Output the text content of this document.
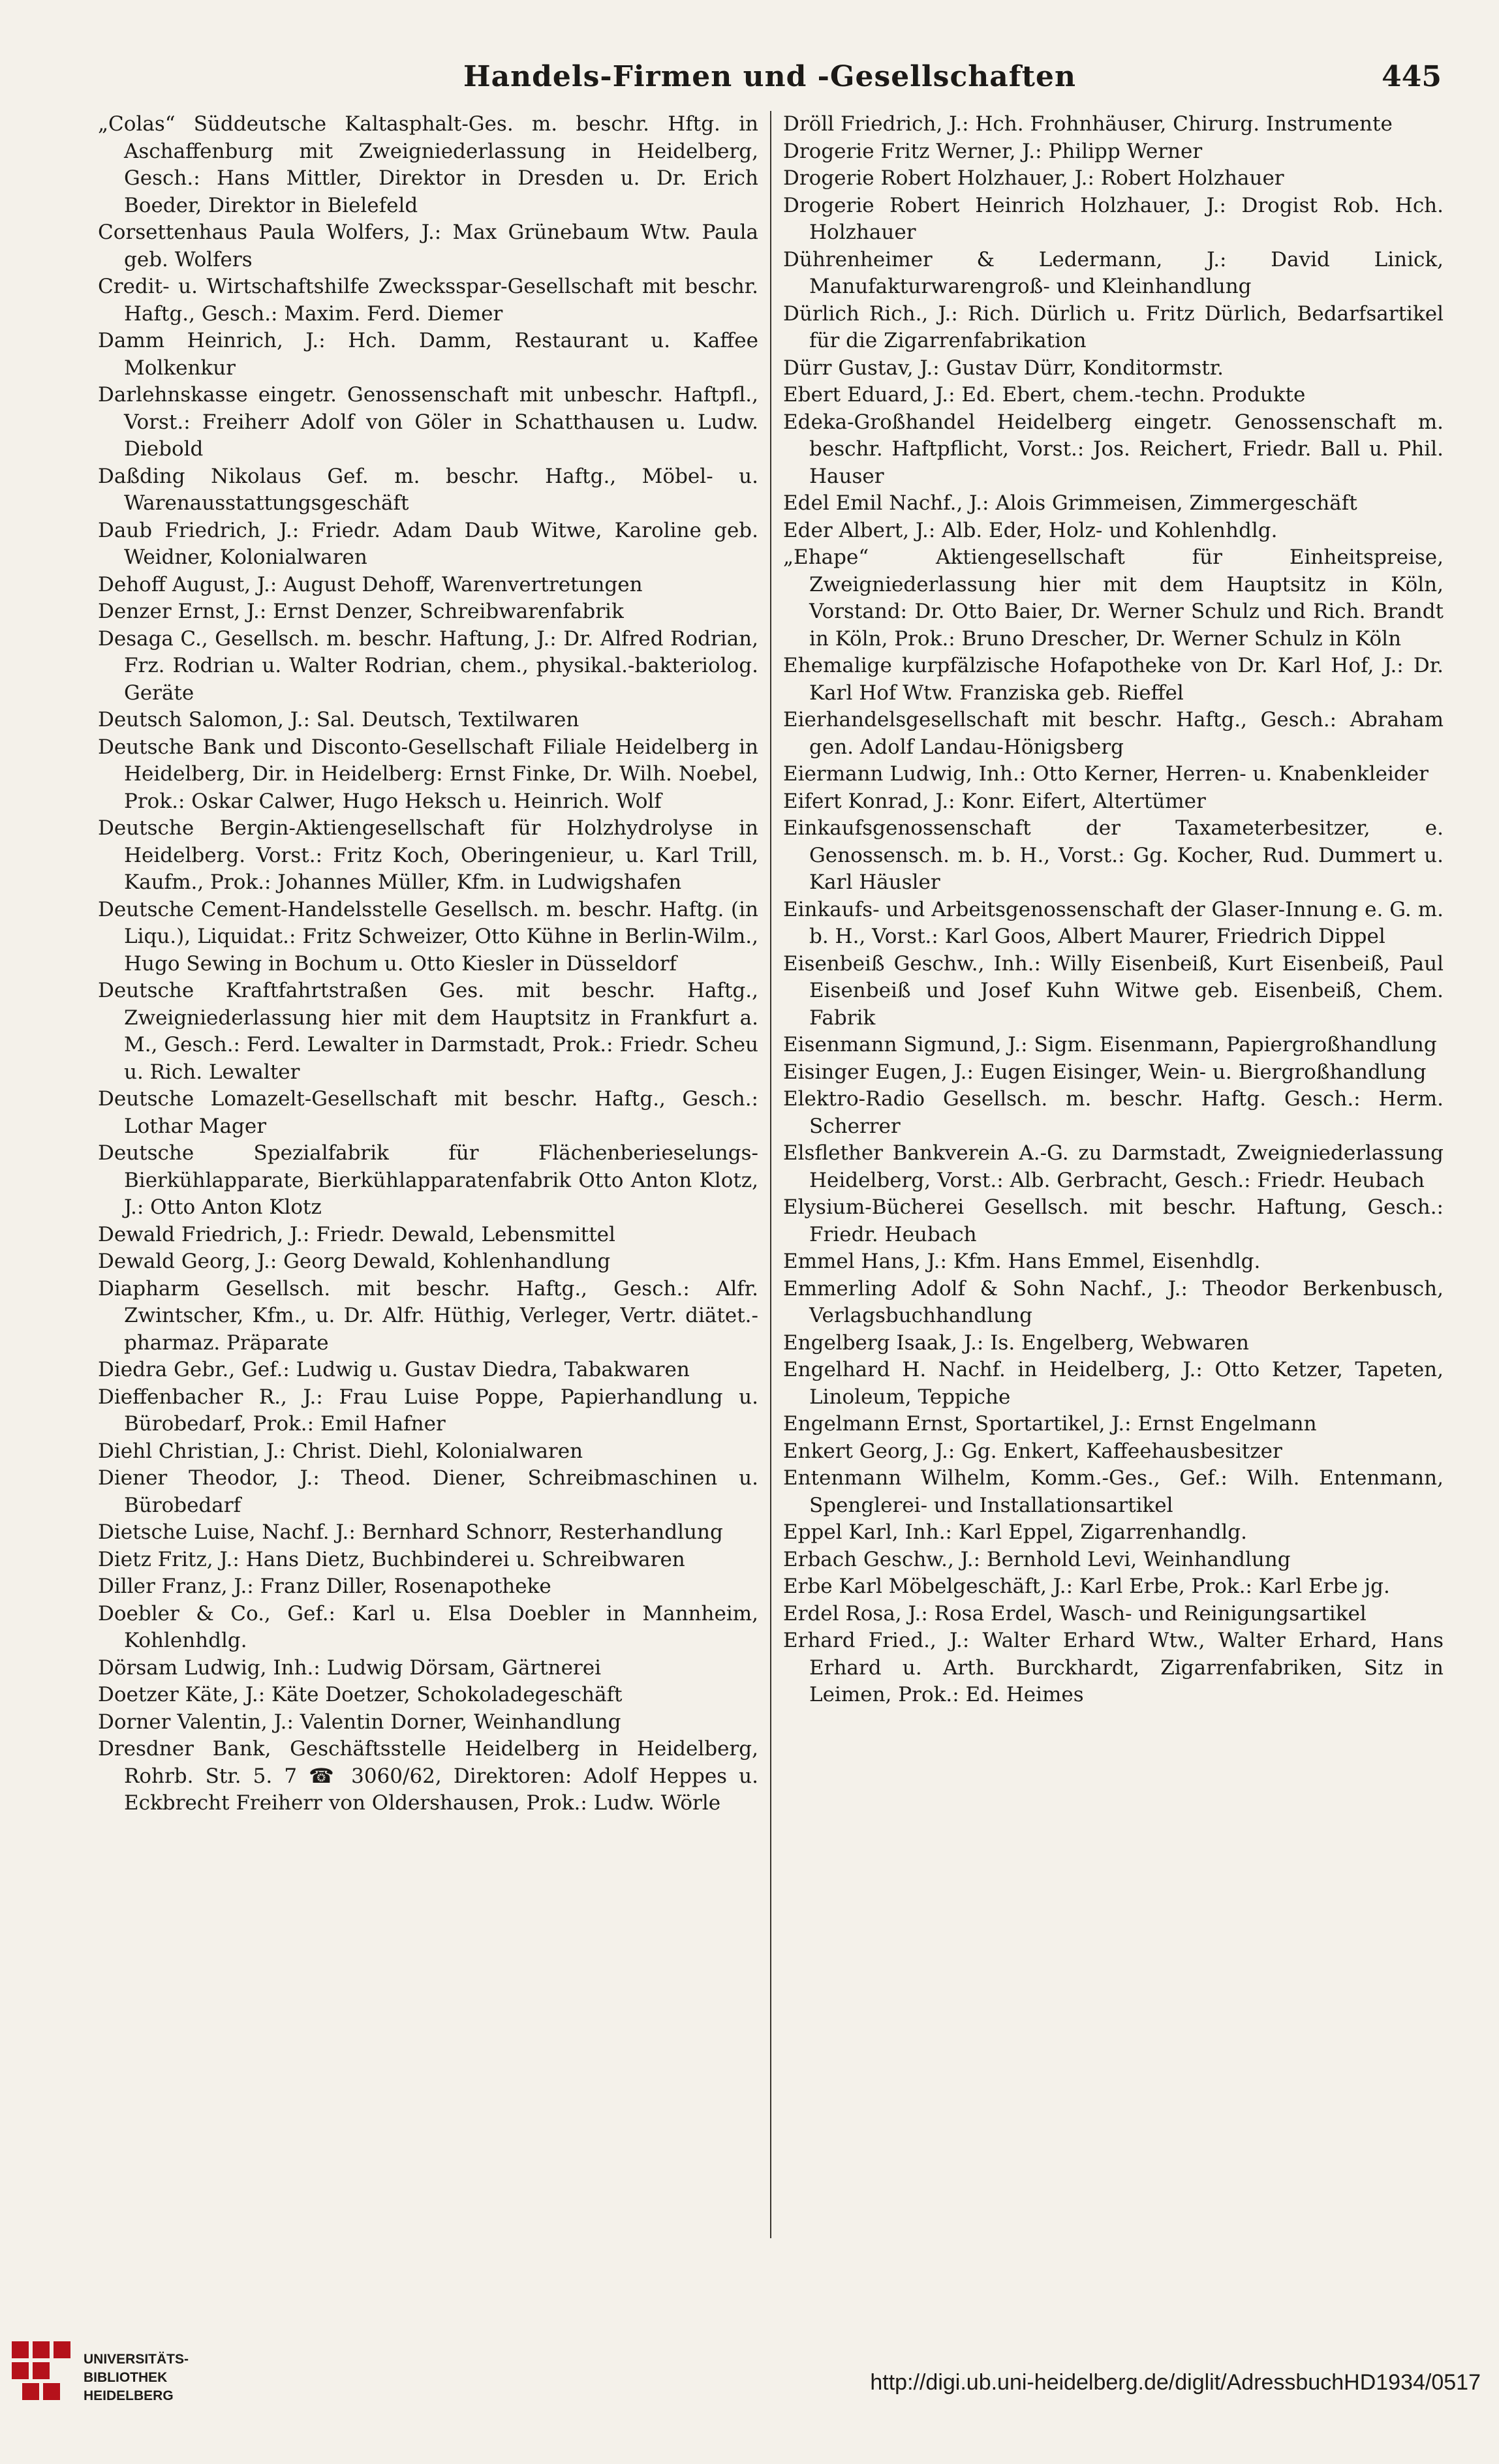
Handels-Firmen und -Gesellschaften	445
„Colas“ Süddeutsche Kaltasphalt-Ges. m. beschr. Hftg. in Aschaffenburg mit Zweigniederlassung in Heidelberg, Gesch.: Hans Mittler, Direktor in Dresden u. Dr. Erich Boeder, Direktor in Bielefeld
Corsettenhaus Paula Wolfers, J.: Max Grünebaum Wtw. Paula geb. Wolfers
Credit- u. Wirtschaftshilfe Zwecksspar-Gesellschaft mit beschr. Haftg., Gesch.: Maxim. Ferd. Diemer
Damm Heinrich, J.: Hch. Damm, Restaurant u. Kaffee Molkenkur
Darlehnskasse eingetr. Genossenschaft mit unbeschr. Haftpfl., Vorst.: Freiherr Adolf von Göler in Schatthausen u. Ludw. Diebold
Daßding Nikolaus Gef. m. beschr. Haftg., Möbel- u. Warenausstattungsgeschäft
Daub Friedrich, J.: Friedr. Adam Daub Witwe, Karoline geb. Weidner, Kolonialwaren
Dehoff August, J.: August Dehoff, Warenvertretungen
Denzer Ernst, J.: Ernst Denzer, Schreibwarenfabrik
Desaga C., Gesellsch. m. beschr. Haftung, J.: Dr. Alfred Rodrian, Frz. Rodrian u. Walter Rodrian, chem., physikal.-bakteriolog. Geräte
Deutsch Salomon, J.: Sal. Deutsch, Textilwaren
Deutsche Bank und Disconto-Gesellschaft Filiale Heidelberg in Heidelberg, Dir. in Heidelberg: Ernst Finke, Dr. Wilh. Noebel, Prok.: Oskar Calwer, Hugo Heksch u. Heinrich. Wolf
Deutsche Bergin-Aktiengesellschaft für Holzhydrolyse in Heidelberg. Vorst.: Fritz Koch, Oberingenieur, u. Karl Trill, Kaufm., Prok.: Johannes Müller, Kfm. in Ludwigshafen
Deutsche Cement-Handelsstelle Gesellsch. m. beschr. Haftg. (in Liqu.), Liquidat.: Fritz Schweizer, Otto Kühne in Berlin-Wilm., Hugo Sewing in Bochum u. Otto Kiesler in Düsseldorf
Deutsche Kraftfahrtstraßen Ges. mit beschr. Haftg., Zweigniederlassung hier mit dem Hauptsitz in Frankfurt a. M., Gesch.: Ferd. Lewalter in Darmstadt, Prok.: Friedr. Scheu u. Rich. Lewalter
Deutsche Lomazelt-Gesellschaft mit beschr. Haftg., Gesch.: Lothar Mager
Deutsche Spezialfabrik für Flächenberieselungs-Bierkühlapparate, Bierkühlapparatenfabrik Otto Anton Klotz, J.: Otto Anton Klotz
Dewald Friedrich, J.: Friedr. Dewald, Lebensmittel
Dewald Georg, J.: Georg Dewald, Kohlenhandlung
Diapharm Gesellsch. mit beschr. Haftg., Gesch.: Alfr. Zwintscher, Kfm., u. Dr. Alfr. Hüthig, Verleger, Vertr. diätet.-pharmaz. Präparate
Diedra Gebr., Gef.: Ludwig u. Gustav Diedra, Tabakwaren
Dieffenbacher R., J.: Frau Luise Poppe, Papierhandlung u. Bürobedarf, Prok.: Emil Hafner
Diehl Christian, J.: Christ. Diehl, Kolonialwaren
Diener Theodor, J.: Theod. Diener, Schreibmaschinen u. Bürobedarf
Dietsche Luise, Nachf. J.: Bernhard Schnorr, Resterhandlung
Dietz Fritz, J.: Hans Dietz, Buchbinderei u. Schreibwaren
Diller Franz, J.: Franz Diller, Rosenapotheke
Doebler & Co., Gef.: Karl u. Elsa Doebler in Mannheim, Kohlenhdlg.
Dörsam Ludwig, Inh.: Ludwig Dörsam, Gärtnerei
Doetzer Käte, J.: Käte Doetzer, Schokoladegeschäft
Dorner Valentin, J.: Valentin Dorner, Weinhandlung
Dresdner Bank, Geschäftsstelle Heidelberg in Heidelberg, Rohrb. Str. 5. 7 ☎ 3060/62, Direktoren: Adolf Heppes u. Eckbrecht Freiherr von Oldershausen, Prok.: Ludw. Wörle
Dröll Friedrich, J.: Hch. Frohnhäuser, Chirurg. Instrumente
Drogerie Fritz Werner, J.: Philipp Werner
Drogerie Robert Holzhauer, J.: Robert Holzhauer
Drogerie Robert Heinrich Holzhauer, J.: Drogist Rob. Hch. Holzhauer
Dührenheimer & Ledermann, J.: David Linick, Manufakturwarengroß- und Kleinhandlung
Dürlich Rich., J.: Rich. Dürlich u. Fritz Dürlich, Bedarfsartikel für die Zigarrenfabrikation
Dürr Gustav, J.: Gustav Dürr, Konditormstr.
Ebert Eduard, J.: Ed. Ebert, chem.-techn. Produkte
Edeka-Großhandel Heidelberg eingetr. Genossenschaft m. beschr. Haftpflicht, Vorst.: Jos. Reichert, Friedr. Ball u. Phil. Hauser
Edel Emil Nachf., J.: Alois Grimmeisen, Zimmergeschäft
Eder Albert, J.: Alb. Eder, Holz- und Kohlenhdlg.
„Ehape“ Aktiengesellschaft für Einheitspreise, Zweigniederlassung hier mit dem Hauptsitz in Köln, Vorstand: Dr. Otto Baier, Dr. Werner Schulz und Rich. Brandt in Köln, Prok.: Bruno Drescher, Dr. Werner Schulz in Köln
Ehemalige kurpfälzische Hofapotheke von Dr. Karl Hof, J.: Dr. Karl Hof Wtw. Franziska geb. Rieffel
Eierhandelsgesellschaft mit beschr. Haftg., Gesch.: Abraham gen. Adolf Landau-Hönigsberg
Eiermann Ludwig, Inh.: Otto Kerner, Herren- u. Knabenkleider
Eifert Konrad, J.: Konr. Eifert, Altertümer
Einkaufsgenossenschaft der Taxameterbesitzer, e. Genossensch. m. b. H., Vorst.: Gg. Kocher, Rud. Dummert u. Karl Häusler
Einkaufs- und Arbeitsgenossenschaft der Glaser-Innung e. G. m. b. H., Vorst.: Karl Goos, Albert Maurer, Friedrich Dippel
Eisenbeiß Geschw., Inh.: Willy Eisenbeiß, Kurt Eisenbeiß, Paul Eisenbeiß und Josef Kuhn Witwe geb. Eisenbeiß, Chem. Fabrik
Eisenmann Sigmund, J.: Sigm. Eisenmann, Papiergroßhandlung
Eisinger Eugen, J.: Eugen Eisinger, Wein- u. Biergroßhandlung
Elektro-Radio Gesellsch. m. beschr. Haftg. Gesch.: Herm. Scherrer
Elsflether Bankverein A.-G. zu Darmstadt, Zweigniederlassung Heidelberg, Vorst.: Alb. Gerbracht, Gesch.: Friedr. Heubach
Elysium-Bücherei Gesellsch. mit beschr. Haftung, Gesch.: Friedr. Heubach
Emmel Hans, J.: Kfm. Hans Emmel, Eisenhdlg.
Emmerling Adolf & Sohn Nachf., J.: Theodor Berkenbusch, Verlagsbuchhandlung
Engelberg Isaak, J.: Is. Engelberg, Webwaren
Engelhard H. Nachf. in Heidelberg, J.: Otto Ketzer, Tapeten, Linoleum, Teppiche
Engelmann Ernst, Sportartikel, J.: Ernst Engelmann
Enkert Georg, J.: Gg. Enkert, Kaffeehausbesitzer
Entenmann Wilhelm, Komm.-Ges., Gef.: Wilh. Entenmann, Spenglerei- und Installationsartikel
Eppel Karl, Inh.: Karl Eppel, Zigarrenhandlg.
Erbach Geschw., J.: Bernhold Levi, Weinhandlung
Erbe Karl Möbelgeschäft, J.: Karl Erbe, Prok.: Karl Erbe jg.
Erdel Rosa, J.: Rosa Erdel, Wasch- und Reinigungsartikel
Erhard Fried., J.: Walter Erhard Wtw., Walter Erhard, Hans Erhard u. Arth. Burckhardt, Zigarrenfabriken, Sitz in Leimen, Prok.: Ed. Heimes
UNIVERSITÄTS-
BIBLIOTHEK
HEIDELBERG
http://digi.ub.uni-heidelberg.de/diglit/AdressbuchHD1934/0517
